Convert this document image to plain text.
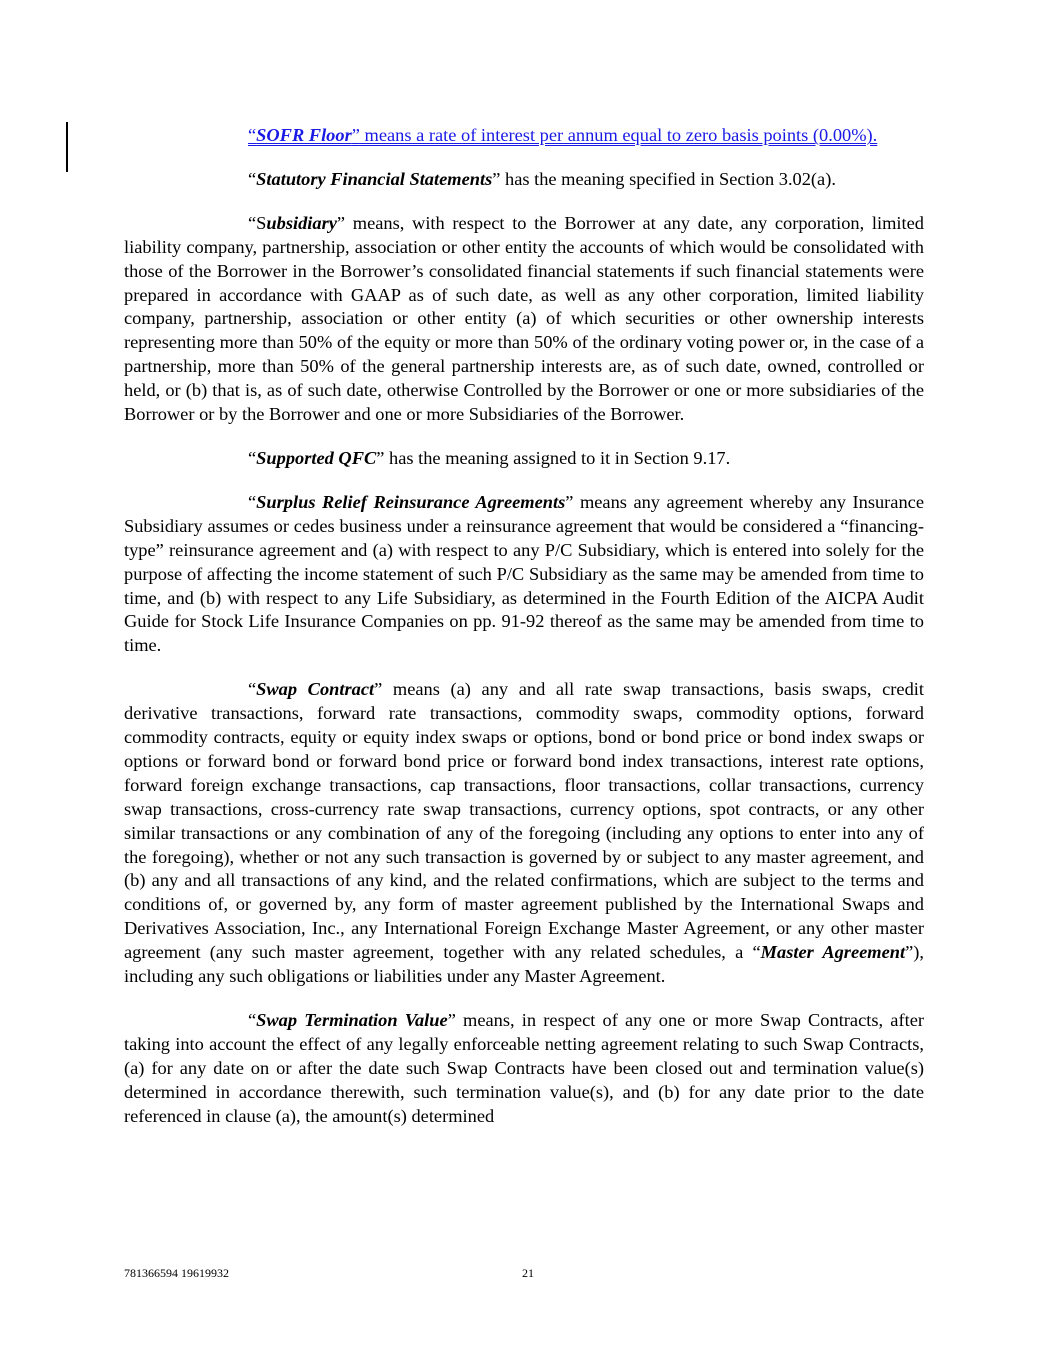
“SOFR Floor” means a rate of interest per annum equal to zero basis points (0.00%).

“Statutory Financial Statements” has the meaning specified in Section 3.02(a).

“Subsidiary” means, with respect to the Borrower at any date, any corporation, limited liability company, partnership, association or other entity the accounts of which would be consolidated with those of the Borrower in the Borrower’s consolidated financial statements if such financial statements were prepared in accordance with GAAP as of such date, as well as any other corporation, limited liability company, partnership, association or other entity (a) of which securities or other ownership interests representing more than 50% of the equity or more than 50% of the ordinary voting power or, in the case of a partnership, more than 50% of the general partnership interests are, as of such date, owned, controlled or held, or (b) that is, as of such date, otherwise Controlled by the Borrower or one or more subsidiaries of the Borrower or by the Borrower and one or more Subsidiaries of the Borrower.

“Supported QFC” has the meaning assigned to it in Section 9.17.

“Surplus Relief Reinsurance Agreements” means any agreement whereby any Insurance Subsidiary assumes or cedes business under a reinsurance agreement that would be considered a “financing-type” reinsurance agreement and (a) with respect to any P/C Subsidiary, which is entered into solely for the purpose of affecting the income statement of such P/C Subsidiary as the same may be amended from time to time, and (b) with respect to any Life Subsidiary, as determined in the Fourth Edition of the AICPA Audit Guide for Stock Life Insurance Companies on pp. 91-92 thereof as the same may be amended from time to time.

“Swap Contract” means (a) any and all rate swap transactions, basis swaps, credit derivative transactions, forward rate transactions, commodity swaps, commodity options, forward commodity contracts, equity or equity index swaps or options, bond or bond price or bond index swaps or options or forward bond or forward bond price or forward bond index transactions, interest rate options, forward foreign exchange transactions, cap transactions, floor transactions, collar transactions, currency swap transactions, cross-currency rate swap transactions, currency options, spot contracts, or any other similar transactions or any combination of any of the foregoing (including any options to enter into any of the foregoing), whether or not any such transaction is governed by or subject to any master agreement, and (b) any and all transactions of any kind, and the related confirmations, which are subject to the terms and conditions of, or governed by, any form of master agreement published by the International Swaps and Derivatives Association, Inc., any International Foreign Exchange Master Agreement, or any other master agreement (any such master agreement, together with any related schedules, a “Master Agreement”), including any such obligations or liabilities under any Master Agreement.

“Swap Termination Value” means, in respect of any one or more Swap Contracts, after taking into account the effect of any legally enforceable netting agreement relating to such Swap Contracts, (a) for any date on or after the date such Swap Contracts have been closed out and termination value(s) determined in accordance therewith, such termination value(s), and (b) for any date prior to the date referenced in clause (a), the amount(s) determined

781366594 19619932	21
